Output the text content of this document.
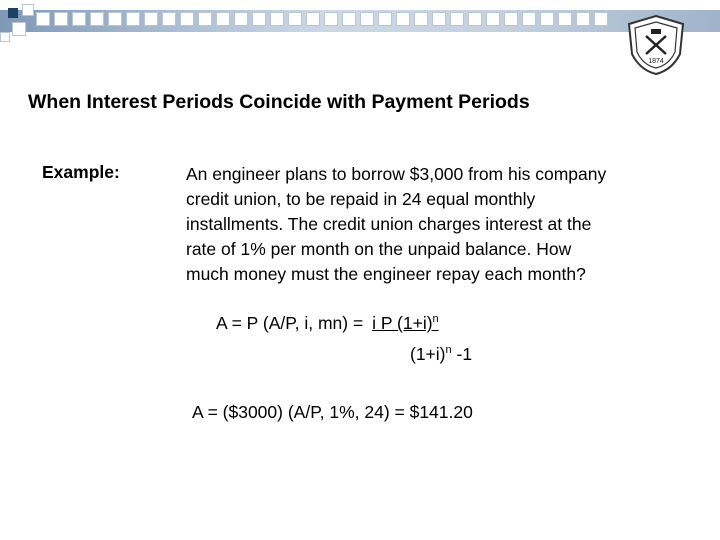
1874
When Interest Periods Coincide with Payment Periods
Example:	An engineer plans to borrow $3,000 from his company
credit union, to be repaid in 24 equal monthly
installments. The credit union charges interest at the
rate of 1% per month on the unpaid balance. How
much money must the engineer repay each month?
A = P (A/P, i, mn) = i P $(1+i)^n$
$(1+i)^n$ -1
A = ($3000) (A/P, 1%, 24) = $141.20
